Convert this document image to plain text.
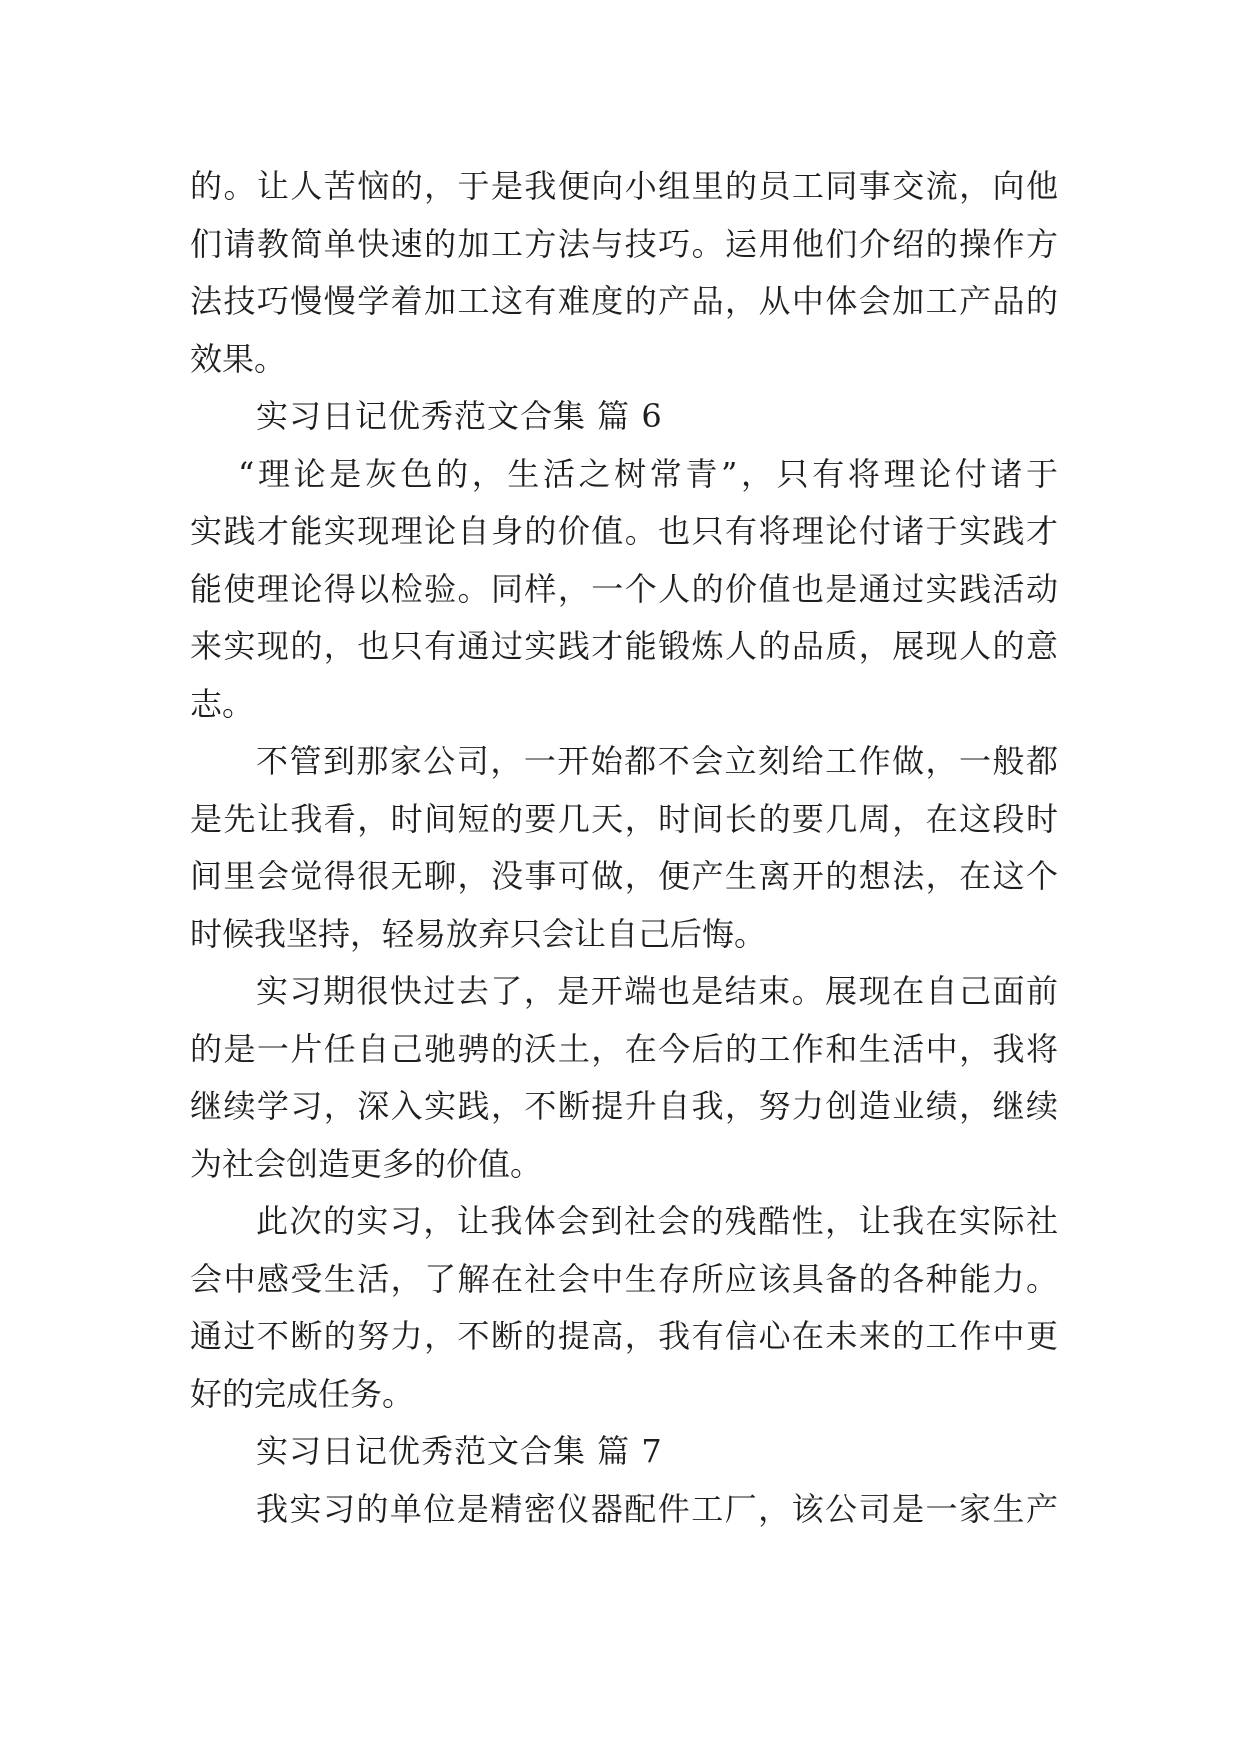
的。让人苦恼的，于是我便向小组里的员工同事交流，向他
们请教简单快速的加工方法与技巧。运用他们介绍的操作方
法技巧慢慢学着加工这有难度的产品，从中体会加工产品的
效果。
实习日记优秀范文合集 篇 6
“理论是灰色的，生活之树常青”，只有将理论付诸于
实践才能实现理论自身的价值。也只有将理论付诸于实践才
能使理论得以检验。同样，一个人的价值也是通过实践活动
来实现的，也只有通过实践才能锻炼人的品质，展现人的意
志。
不管到那家公司，一开始都不会立刻给工作做，一般都
是先让我看，时间短的要几天，时间长的要几周，在这段时
间里会觉得很无聊，没事可做，便产生离开的想法，在这个
时候我坚持，轻易放弃只会让自己后悔。
实习期很快过去了，是开端也是结束。展现在自己面前
的是一片任自己驰骋的沃土，在今后的工作和生活中，我将
继续学习，深入实践，不断提升自我，努力创造业绩，继续
为社会创造更多的价值。
此次的实习，让我体会到社会的残酷性，让我在实际社
会中感受生活，了解在社会中生存所应该具备的各种能力。
通过不断的努力，不断的提高，我有信心在未来的工作中更
好的完成任务。
实习日记优秀范文合集 篇 7
我实习的单位是精密仪器配件工厂，该公司是一家生产
